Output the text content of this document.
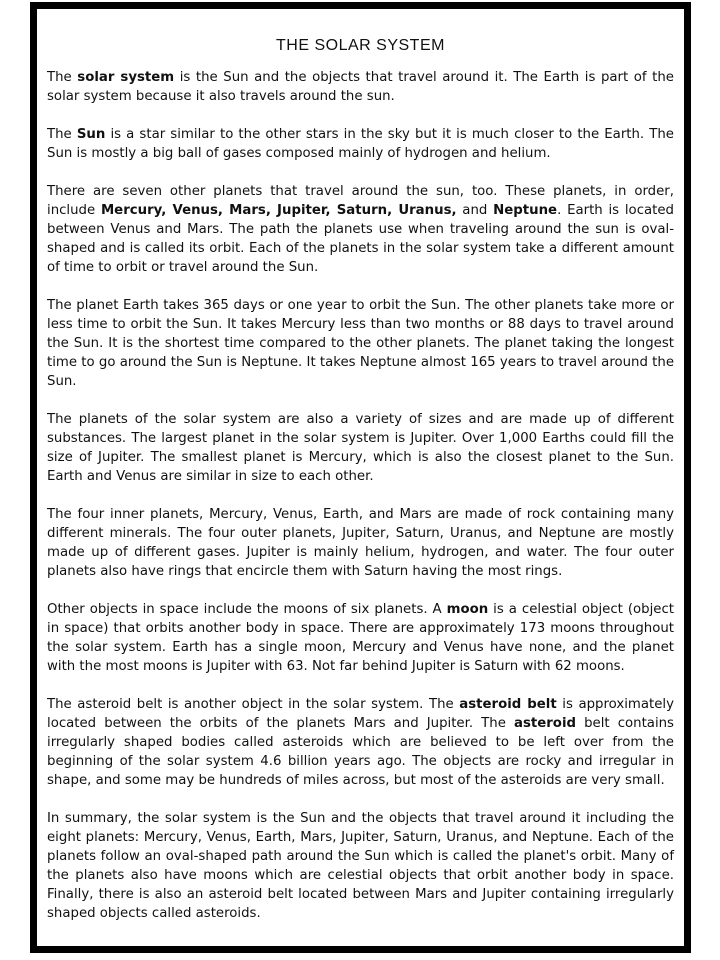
THE SOLAR SYSTEM

The solar system is the Sun and the objects that travel around it. The Earth is part of the solar system because it also travels around the sun.

The Sun is a star similar to the other stars in the sky but it is much closer to the Earth. The Sun is mostly a big ball of gases composed mainly of hydrogen and helium.

There are seven other planets that travel around the sun, too. These planets, in order, include Mercury, Venus, Mars, Jupiter, Saturn, Uranus, and Neptune. Earth is located between Venus and Mars. The path the planets use when traveling around the sun is oval-shaped and is called its orbit. Each of the planets in the solar system take a different amount of time to orbit or travel around the Sun.

The planet Earth takes 365 days or one year to orbit the Sun. The other planets take more or less time to orbit the Sun. It takes Mercury less than two months or 88 days to travel around the Sun. It is the shortest time compared to the other planets. The planet taking the longest time to go around the Sun is Neptune. It takes Neptune almost 165 years to travel around the Sun.

The planets of the solar system are also a variety of sizes and are made up of different substances. The largest planet in the solar system is Jupiter. Over 1,000 Earths could fill the size of Jupiter. The smallest planet is Mercury, which is also the closest planet to the Sun. Earth and Venus are similar in size to each other.

The four inner planets, Mercury, Venus, Earth, and Mars are made of rock containing many different minerals. The four outer planets, Jupiter, Saturn, Uranus, and Neptune are mostly made up of different gases. Jupiter is mainly helium, hydrogen, and water. The four outer planets also have rings that encircle them with Saturn having the most rings.

Other objects in space include the moons of six planets. A moon is a celestial object (object in space) that orbits another body in space. There are approximately 173 moons throughout the solar system. Earth has a single moon, Mercury and Venus have none, and the planet with the most moons is Jupiter with 63. Not far behind Jupiter is Saturn with 62 moons.

The asteroid belt is another object in the solar system. The asteroid belt is approximately located between the orbits of the planets Mars and Jupiter. The asteroid belt contains irregularly shaped bodies called asteroids which are believed to be left over from the beginning of the solar system 4.6 billion years ago. The objects are rocky and irregular in shape, and some may be hundreds of miles across, but most of the asteroids are very small.

In summary, the solar system is the Sun and the objects that travel around it including the eight planets: Mercury, Venus, Earth, Mars, Jupiter, Saturn, Uranus, and Neptune. Each of the planets follow an oval-shaped path around the Sun which is called the planet's orbit. Many of the planets also have moons which are celestial objects that orbit another body in space. Finally, there is also an asteroid belt located between Mars and Jupiter containing irregularly shaped objects called asteroids.
